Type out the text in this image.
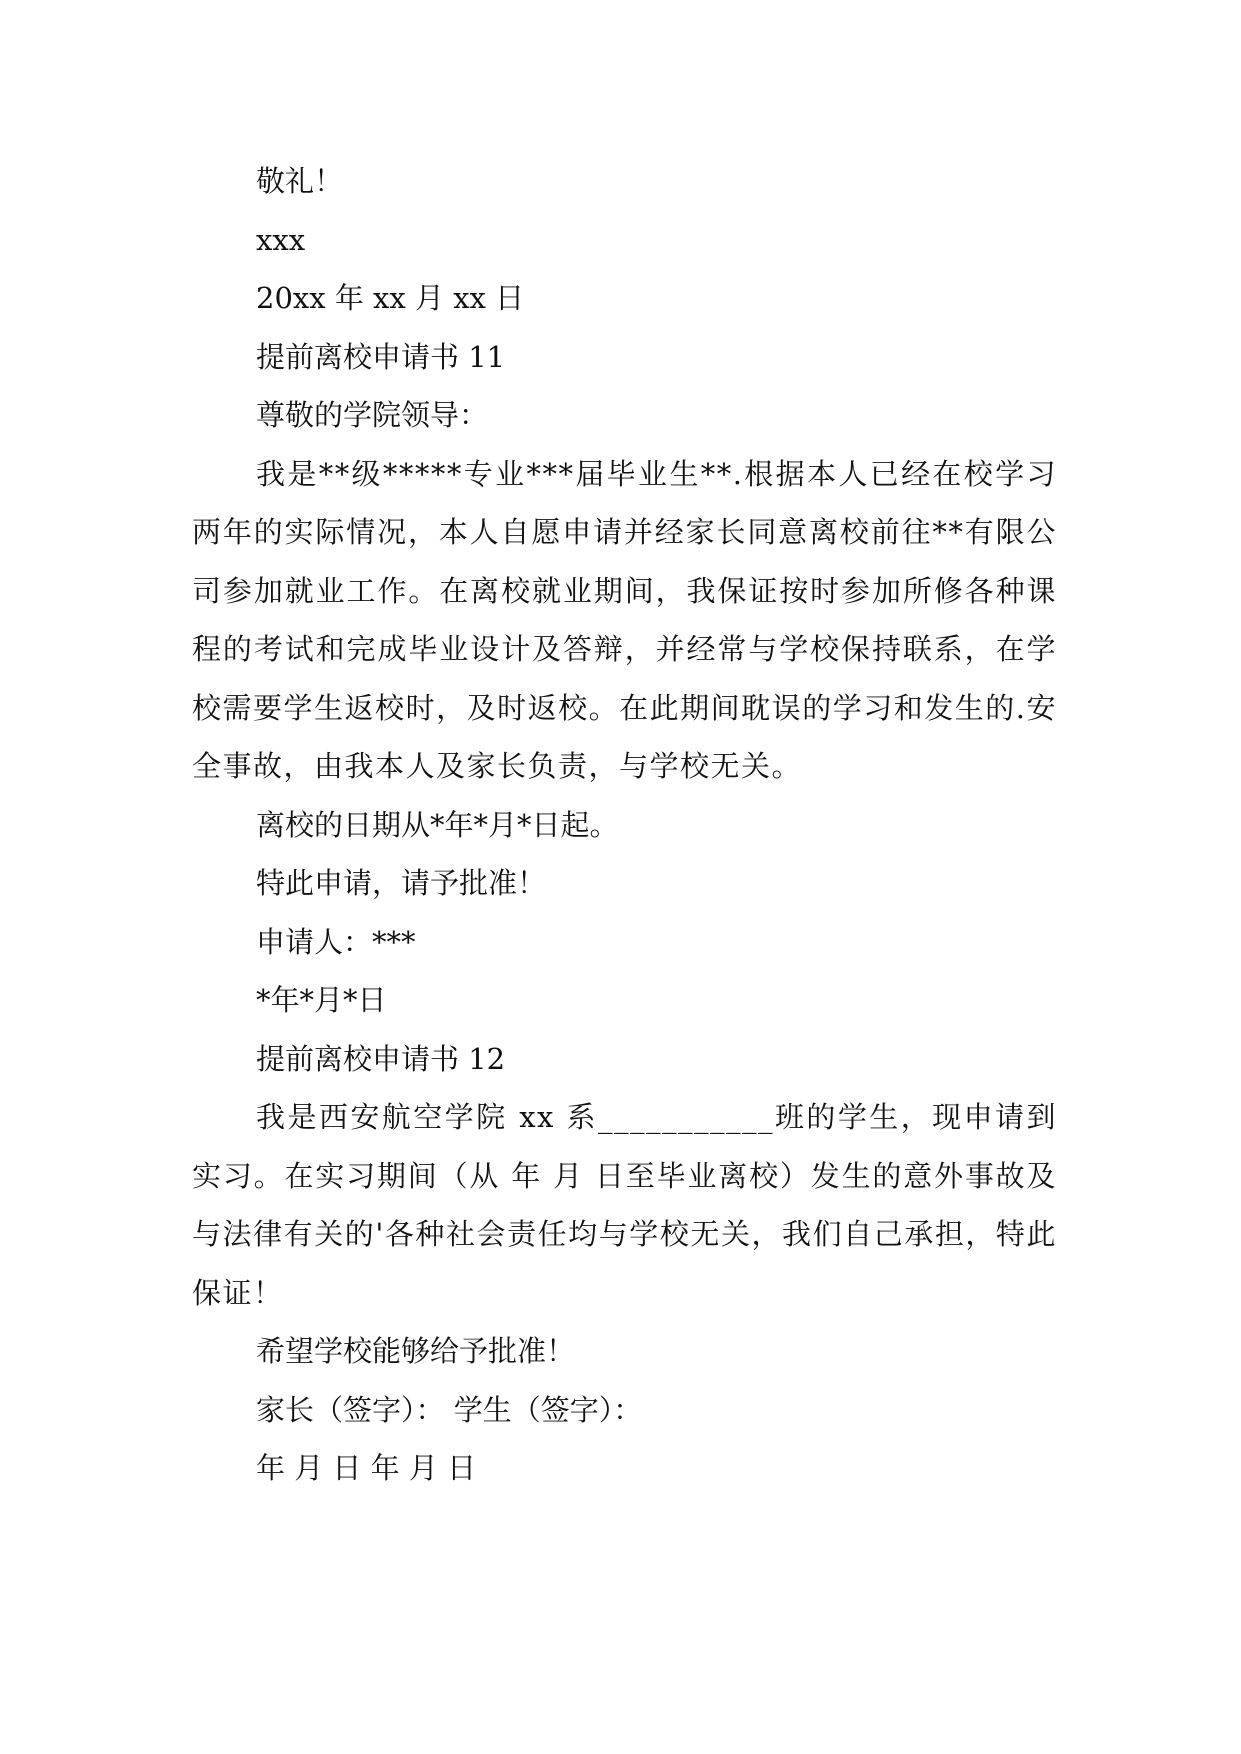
敬礼！
xxx
20xx 年 xx 月 xx 日
提前离校申请书 11
尊敬的学院领导：

我是**级*****专业***届毕业生**.根据本人已经在校学习两年的实际情况，本人自愿申请并经家长同意离校前往**有限公司参加就业工作。在离校就业期间，我保证按时参加所修各种课程的考试和完成毕业设计及答辩，并经常与学校保持联系，在学校需要学生返校时，及时返校。在此期间耽误的学习和发生的.安全事故，由我本人及家长负责，与学校无关。

离校的日期从*年*月*日起。
特此申请，请予批准！
申请人：***
*年*月*日
提前离校申请书 12

我是西安航空学院 xx 系___________班的学生，现申请到实习。在实习期间（从 年 月 日至毕业离校）发生的意外事故及与法律有关的'各种社会责任均与学校无关，我们自己承担，特此保证！

希望学校能够给予批准！
家长（签字）： 学生（签字）：
年 月 日 年 月 日
